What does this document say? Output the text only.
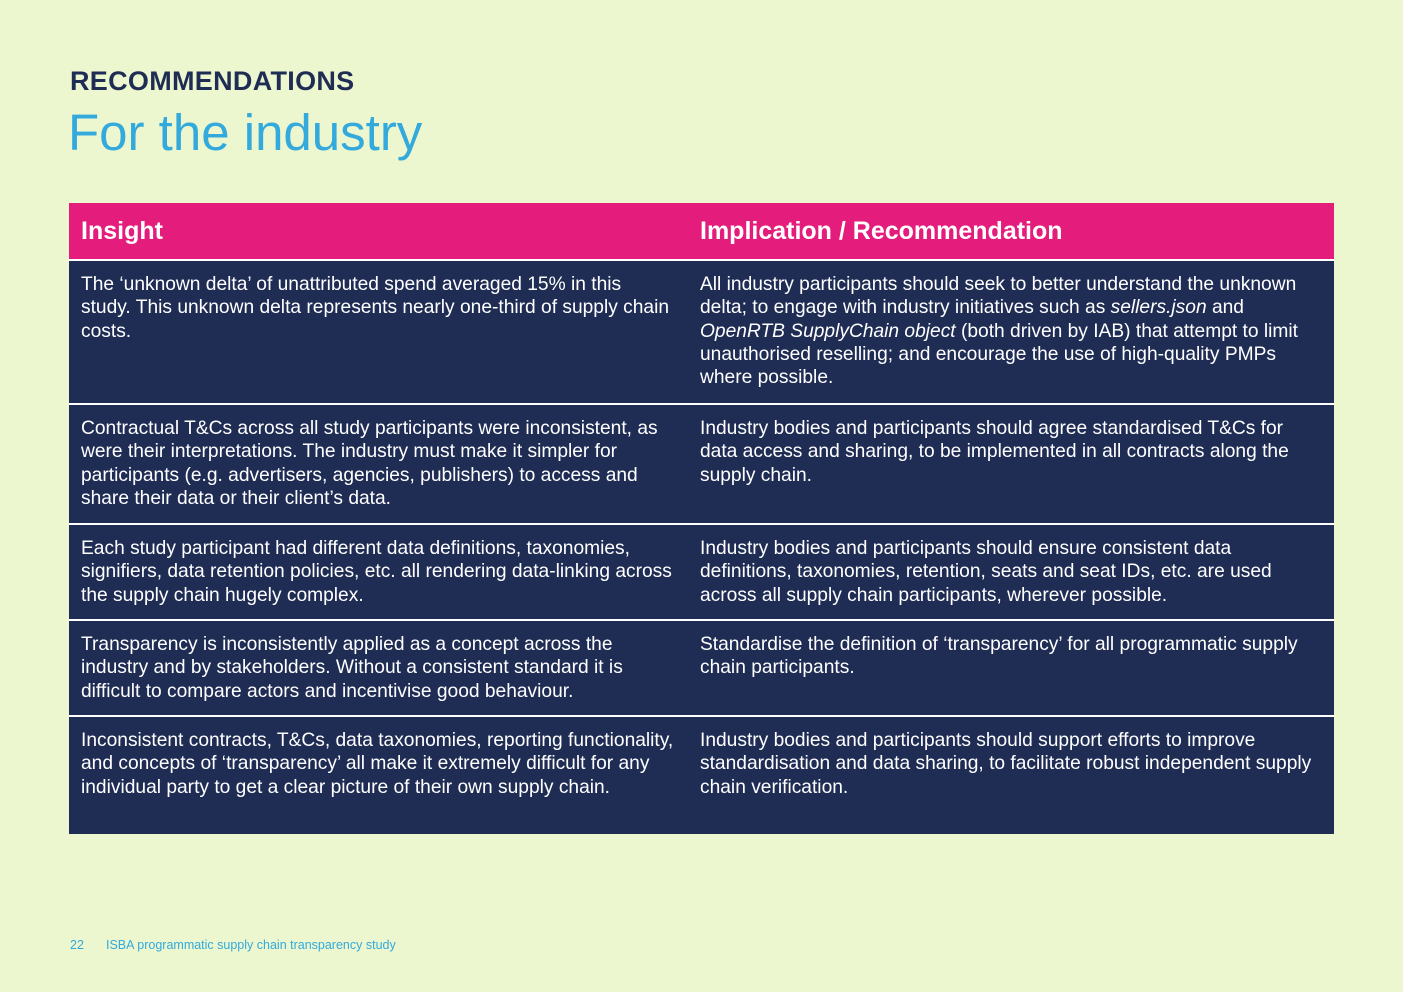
RECOMMENDATIONS
For the industry
Insight	Implication / Recommendation
The ‘unknown delta’ of unattributed spend averaged 15% in this study. This unknown delta represents nearly one-third of supply chain costs.	All industry participants should seek to better understand the unknown delta; to engage with industry initiatives such as sellers.json and OpenRTB SupplyChain object (both driven by IAB) that attempt to limit unauthorised reselling; and encourage the use of high-quality PMPs where possible.
Contractual T&Cs across all study participants were inconsistent, as were their interpretations. The industry must make it simpler for participants (e.g. advertisers, agencies, publishers) to access and share their data or their client’s data.	Industry bodies and participants should agree standardised T&Cs for data access and sharing, to be implemented in all contracts along the supply chain.
Each study participant had different data definitions, taxonomies, signifiers, data retention policies, etc. all rendering data-linking across the supply chain hugely complex.	Industry bodies and participants should ensure consistent data definitions, taxonomies, retention, seats and seat IDs, etc. are used across all supply chain participants, wherever possible.
Transparency is inconsistently applied as a concept across the industry and by stakeholders. Without a consistent standard it is difficult to compare actors and incentivise good behaviour.	Standardise the definition of ‘transparency’ for all programmatic supply chain participants.
Inconsistent contracts, T&Cs, data taxonomies, reporting functionality, and concepts of ‘transparency’ all make it extremely difficult for any individual party to get a clear picture of their own supply chain.	Industry bodies and participants should support efforts to improve standardisation and data sharing, to facilitate robust independent supply chain verification.
22 ISBA programmatic supply chain transparency study
